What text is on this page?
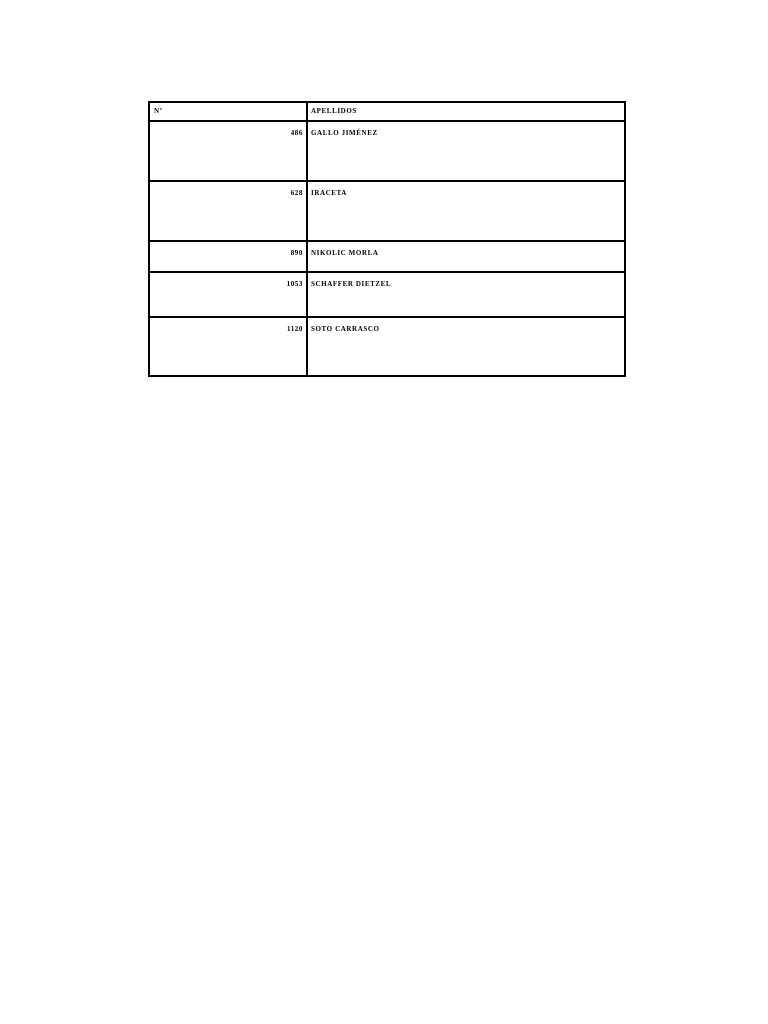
Nº	APELLIDOS
486	GALLO JIMÉNEZ
628	IRACETA
890	NIKOLIC MORLA
1053	SCHAFFER DIETZEL
1120	SOTO CARRASCO
